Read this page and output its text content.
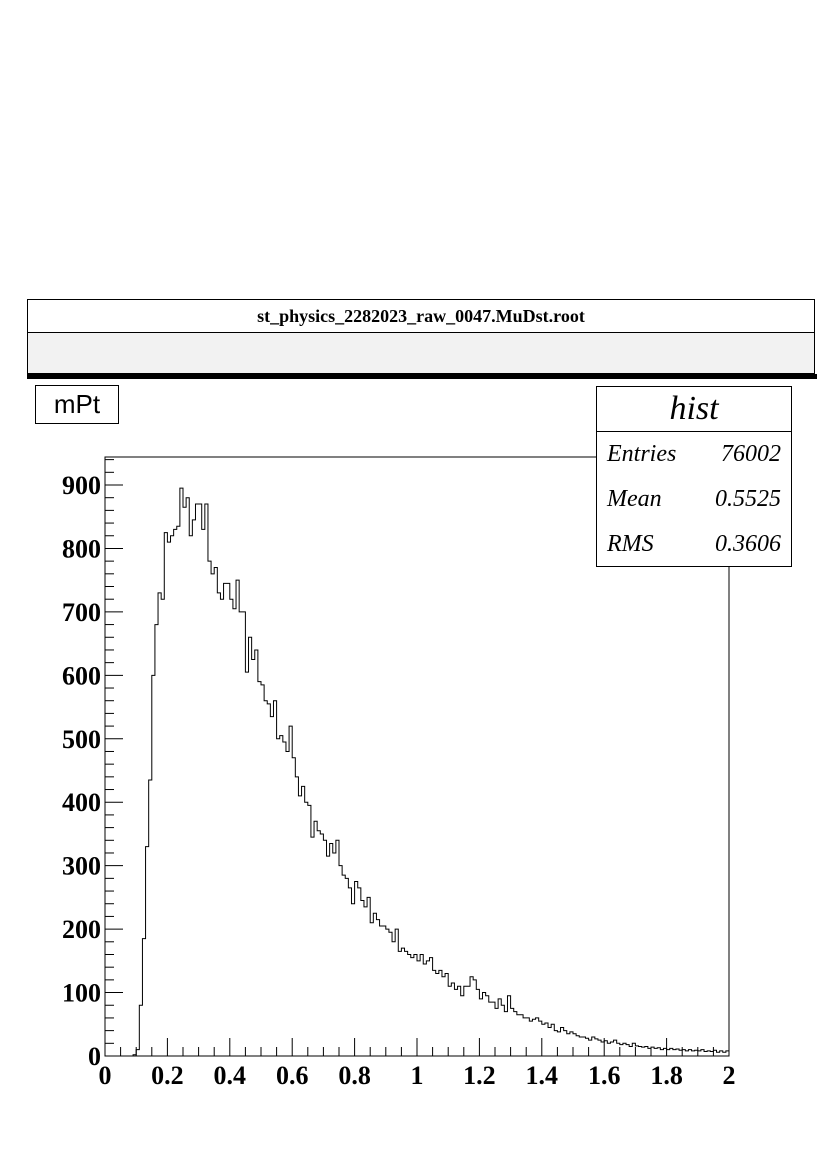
st_physics_2282023_raw_0047.MuDst.root
mPt
0 0.2 0.4 0.6 0.8 1 1.2 1.4 1.6 1.8 2
0
100
200
300
400
500
600
700
800
900
hist
Entries 76002
Mean 0.5525
RMS	0.3606
